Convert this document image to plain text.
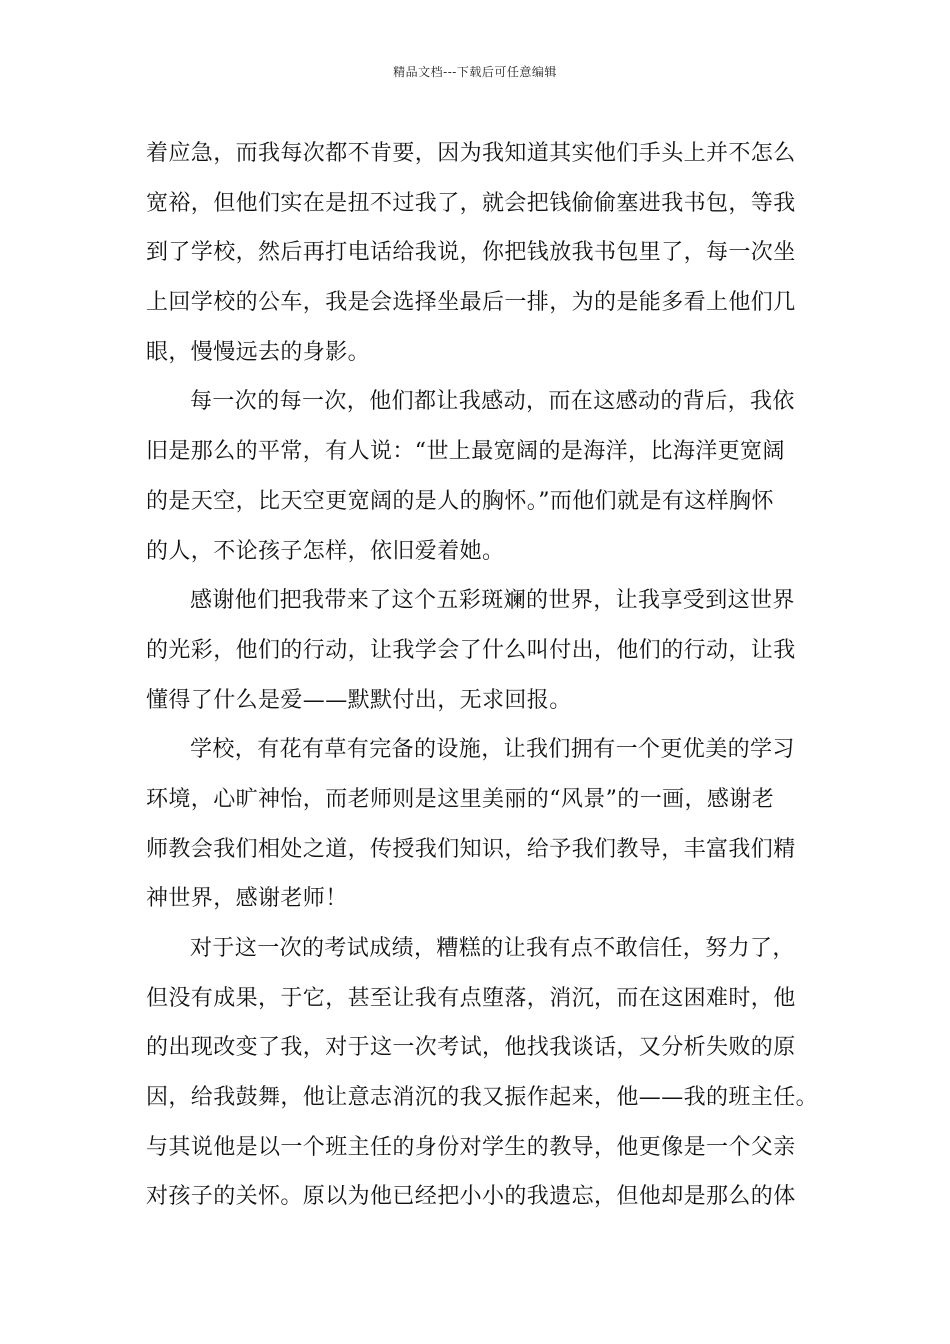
精品文档---下载后可任意编辑
着应急，而我每次都不肯要，因为我知道其实他们手头上并不怎么
宽裕，但他们实在是扭不过我了，就会把钱偷偷塞进我书包，等我
到了学校，然后再打电话给我说，你把钱放我书包里了，每一次坐
上回学校的公车，我是会选择坐最后一排，为的是能多看上他们几
眼，慢慢远去的身影。
每一次的每一次，他们都让我感动，而在这感动的背后，我依
旧是那么的平常，有人说：“世上最宽阔的是海洋，比海洋更宽阔
的是天空，比天空更宽阔的是人的胸怀。”而他们就是有这样胸怀
的人，不论孩子怎样，依旧爱着她。
感谢他们把我带来了这个五彩斑斓的世界，让我享受到这世界
的光彩，他们的行动，让我学会了什么叫付出，他们的行动，让我
懂得了什么是爱——默默付出，无求回报。
学校，有花有草有完备的设施，让我们拥有一个更优美的学习
环境，心旷神怡，而老师则是这里美丽的“风景”的一画，感谢老
师教会我们相处之道，传授我们知识，给予我们教导，丰富我们精
神世界，感谢老师！
对于这一次的考试成绩，糟糕的让我有点不敢信任，努力了，
但没有成果，于它，甚至让我有点堕落，消沉，而在这困难时，他
的出现改变了我，对于这一次考试，他找我谈话，又分析失败的原
因，给我鼓舞，他让意志消沉的我又振作起来，他——我的班主任。
与其说他是以一个班主任的身份对学生的教导，他更像是一个父亲
对孩子的关怀。原以为他已经把小小的我遗忘，但他却是那么的体
